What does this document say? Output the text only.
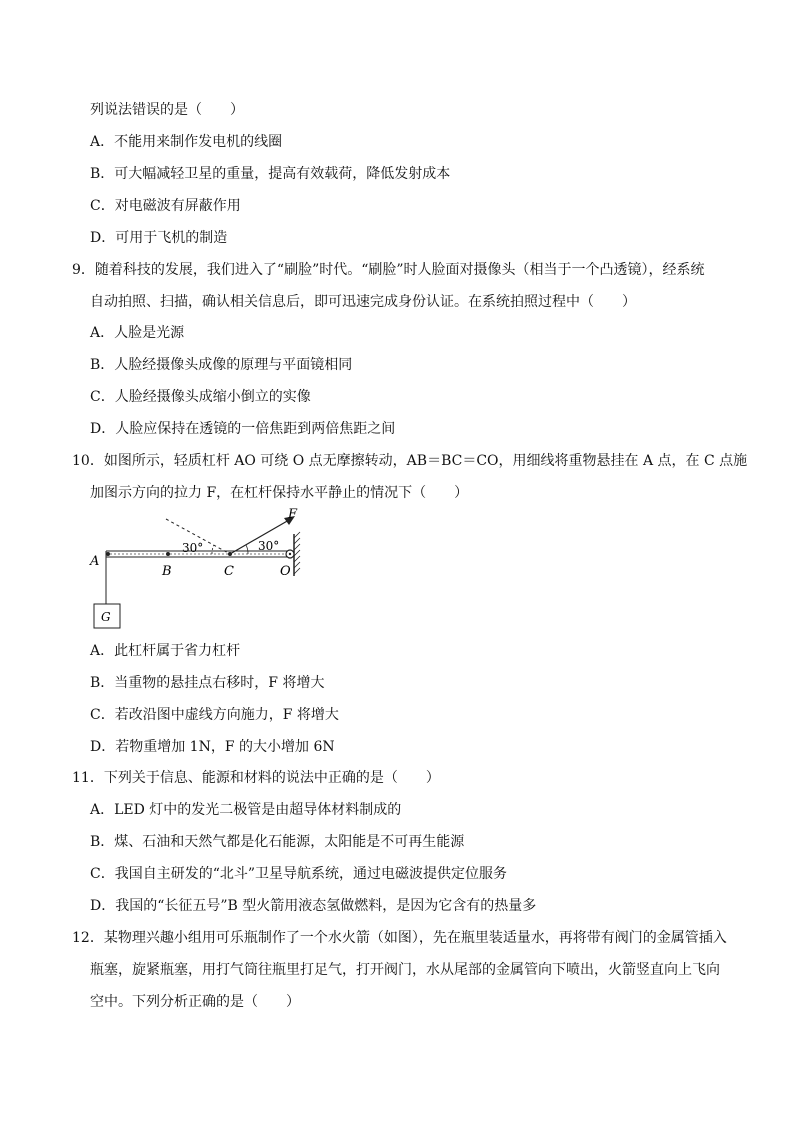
列说法错误的是（　　）
A．不能用来制作发电机的线圈
B．可大幅减轻卫星的重量，提高有效载荷，降低发射成本
C．对电磁波有屏蔽作用
D．可用于飞机的制造
9．随着科技的发展，我们进入了“刷脸”时代。“刷脸”时人脸面对摄像头（相当于一个凸透镜），经系统
自动拍照、扫描，确认相关信息后，即可迅速完成身份认证。在系统拍照过程中（　　）
A．人脸是光源
B．人脸经摄像头成像的原理与平面镜相同
C．人脸经摄像头成缩小倒立的实像
D．人脸应保持在透镜的一倍焦距到两倍焦距之间
10．如图所示，轻质杠杆 AO 可绕 O 点无摩擦转动，AB＝BC＝CO，用细线将重物悬挂在 A 点，在 C 点施
加图示方向的拉力 F，在杠杆保持水平静止的情况下（　　）
A
B	C	O
F
G
30°	30°
A．此杠杆属于省力杠杆
B．当重物的悬挂点右移时，F 将增大
C．若改沿图中虚线方向施力，F 将增大
D．若物重增加 1N，F 的大小增加 6N
11．下列关于信息、能源和材料的说法中正确的是（　　）
A．LED 灯中的发光二极管是由超导体材料制成的
B．煤、石油和天然气都是化石能源，太阳能是不可再生能源
C．我国自主研发的“北斗”卫星导航系统，通过电磁波提供定位服务
D．我国的“长征五号”B 型火箭用液态氢做燃料，是因为它含有的热量多
12．某物理兴趣小组用可乐瓶制作了一个水火箭（如图），先在瓶里装适量水，再将带有阀门的金属管插入
瓶塞，旋紧瓶塞，用打气筒往瓶里打足气，打开阀门，水从尾部的金属管向下喷出，火箭竖直向上飞向
空中。下列分析正确的是（　　）
